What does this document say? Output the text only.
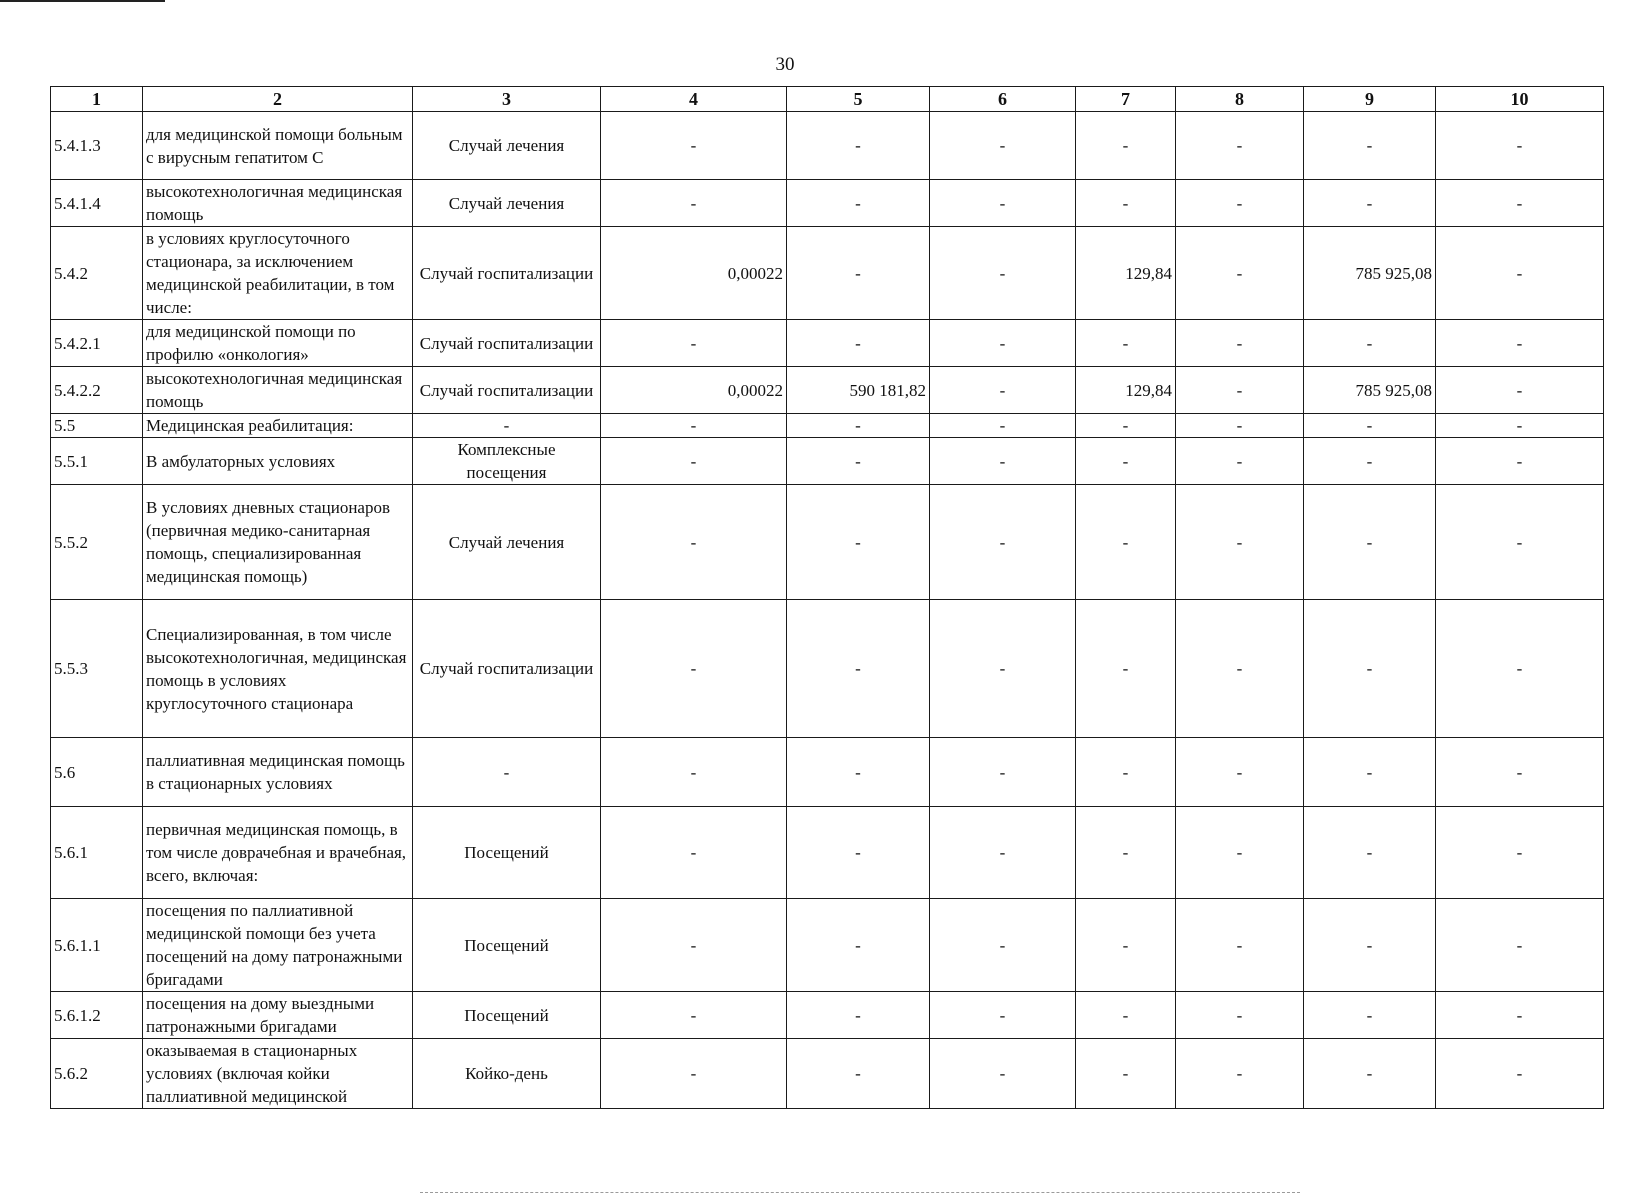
30
1	2	3	4	5	6	7	8	9	10
5.4.1.3	для медицинской помощи больным с вирусным гепатитом С	Случай лечения	-	-	-	-	-	-	-
5.4.1.4	высокотехнологичная медицинская помощь	Случай лечения	-	-	-	-	-	-	-
5.4.2	в условиях круглосуточного стационара, за исключением медицинской реабилитации, в том числе:	Случай госпитализации	0,00022	-	-	129,84	-	785 925,08	-
5.4.2.1	для медицинской помощи по профилю «онкология»	Случай госпитализации	-	-	-	-	-	-	-
5.4.2.2	высокотехнологичная медицинская помощь	Случай госпитализации	0,00022	590 181,82	-	129,84	-	785 925,08	-
5.5	Медицинская реабилитация:	-	-	-	-	-	-	-	-
5.5.1	В амбулаторных условиях	Комплексные посещения	-	-	-	-	-	-	-
5.5.2	В условиях дневных стационаров (первичная медико-санитарная помощь, специализированная медицинская помощь)	Случай лечения	-	-	-	-	-	-	-
5.5.3	Специализированная, в том числе высокотехнологичная, медицинская помощь в условиях круглосуточного стационара	Случай госпитализации	-	-	-	-	-	-	-
5.6	паллиативная медицинская помощь в стационарных условиях	-	-	-	-	-	-	-	-
5.6.1	первичная медицинская помощь, в том числе доврачебная и врачебная, всего, включая:	Посещений	-	-	-	-	-	-	-
5.6.1.1	посещения по паллиативной медицинской помощи без учета посещений на дому патронажными бригадами	Посещений	-	-	-	-	-	-	-
5.6.1.2	посещения на дому выездными патронажными бригадами	Посещений	-	-	-	-	-	-	-
5.6.2	оказываемая в стационарных условиях (включая койки паллиативной медицинской	Койко-день	-	-	-	-	-	-	-
